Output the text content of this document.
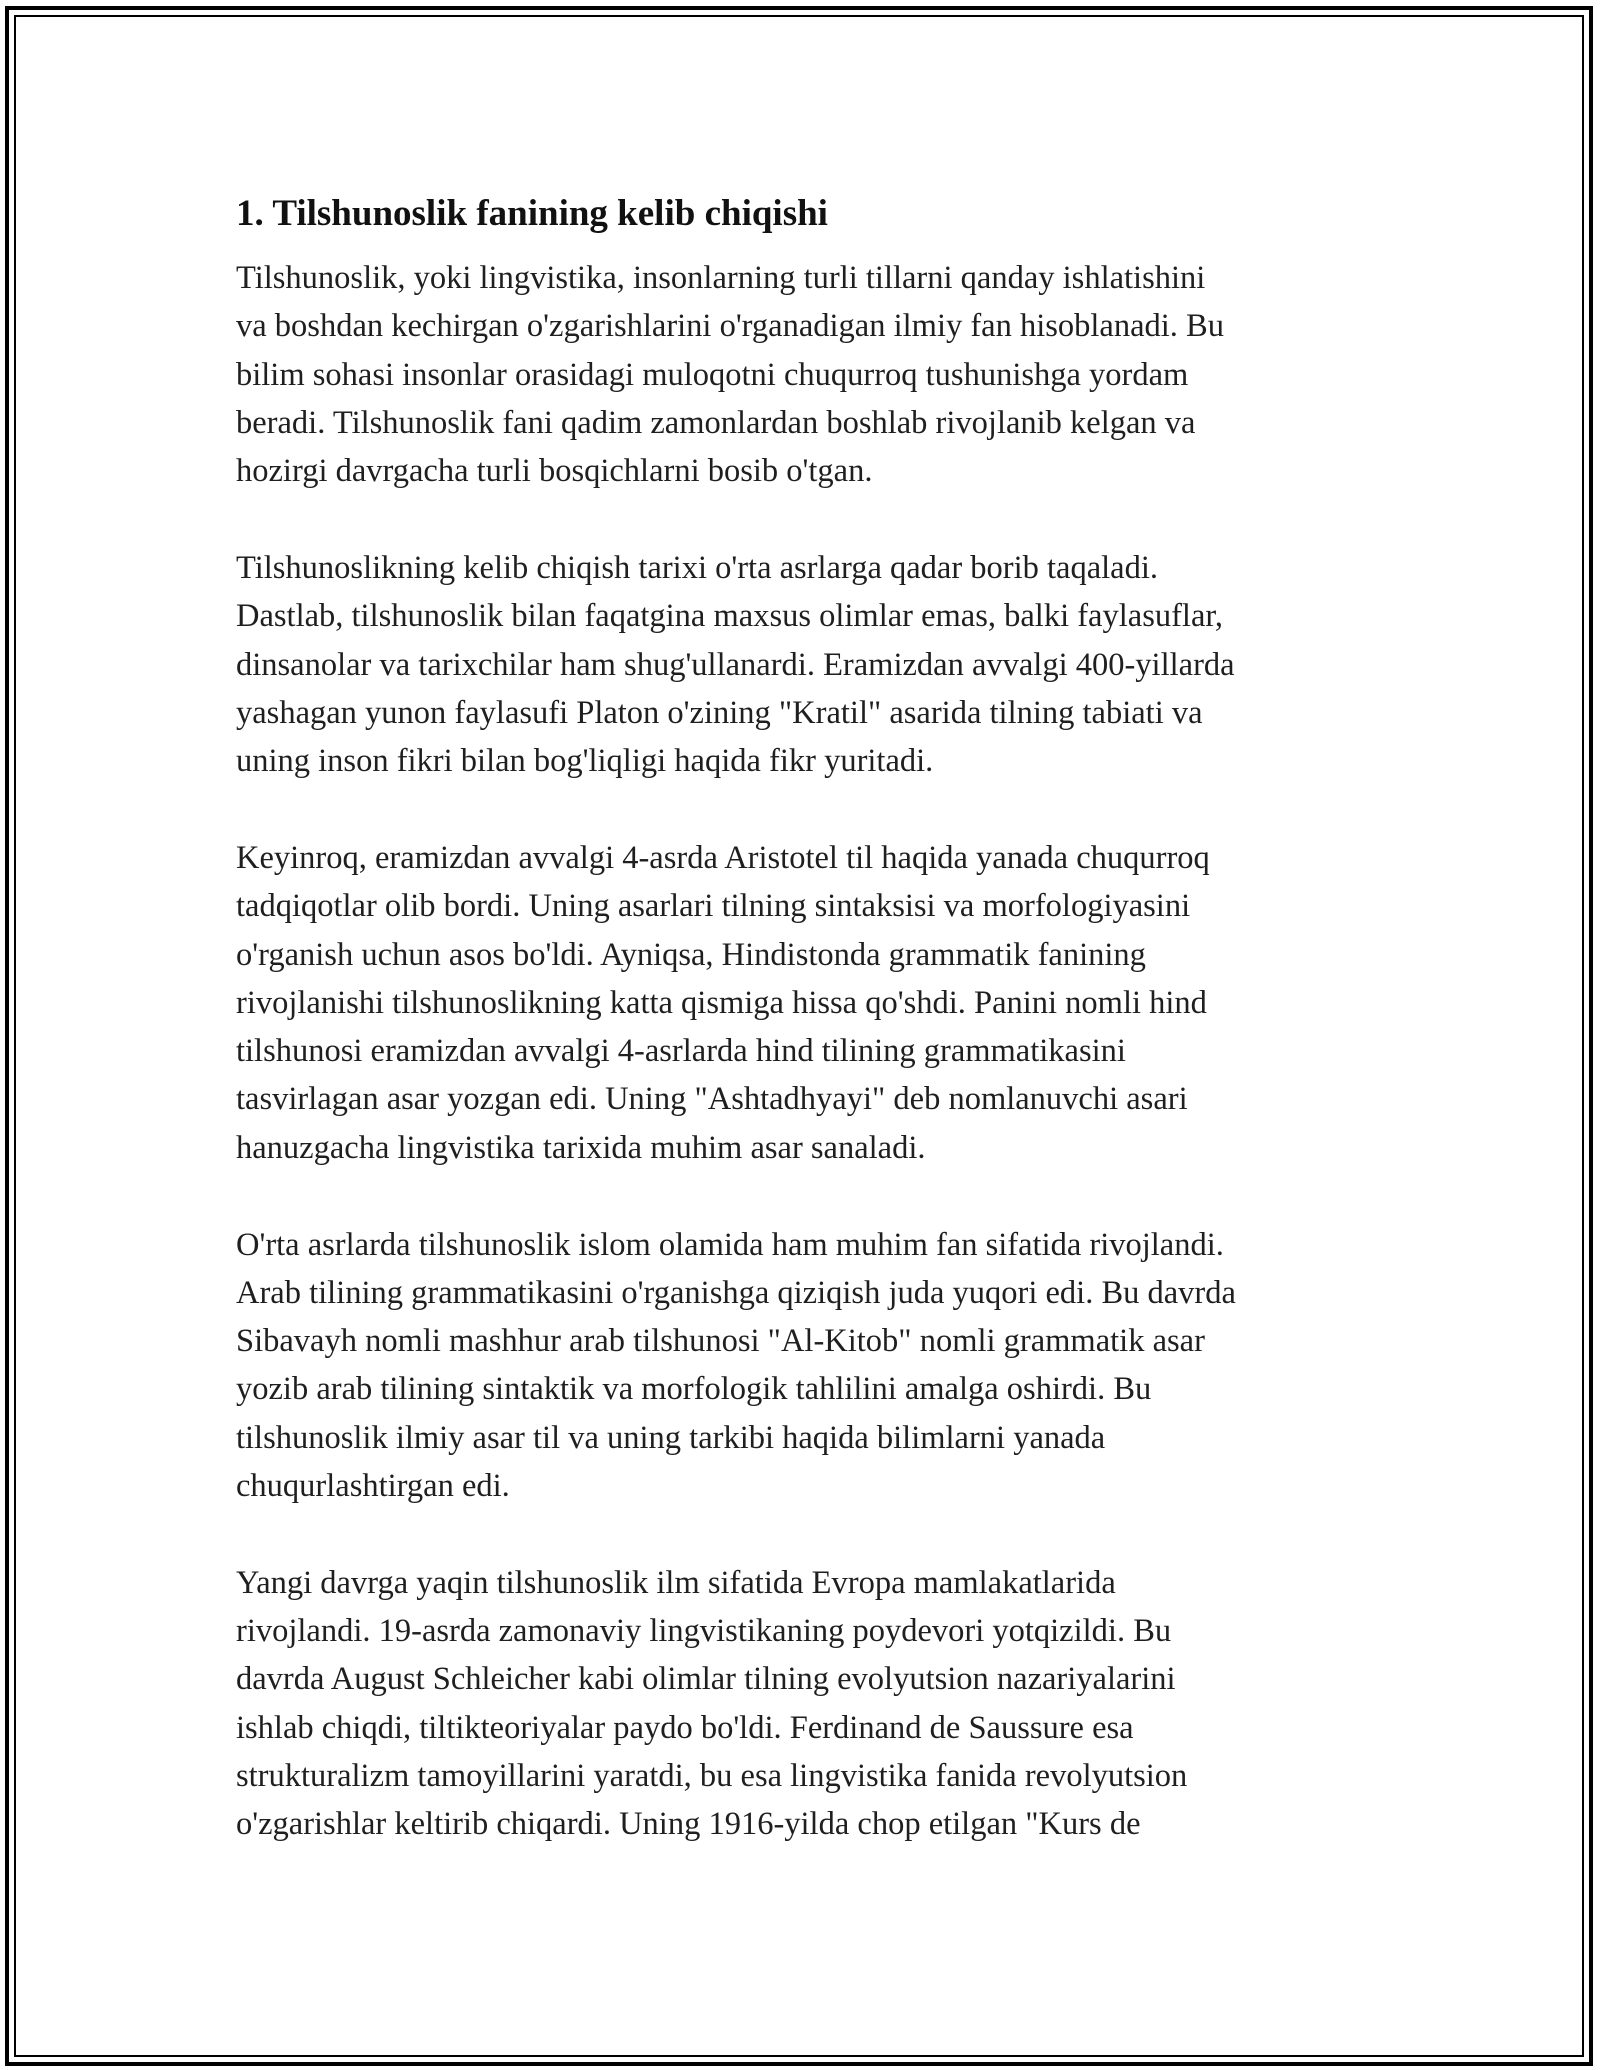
1. Tilshunoslik fanining kelib chiqishi

Tilshunoslik, yoki lingvistika, insonlarning turli tillarni qanday ishlatishini
va boshdan kechirgan o'zgarishlarini o'rganadigan ilmiy fan hisoblanadi. Bu
bilim sohasi insonlar orasidagi muloqotni chuqurroq tushunishga yordam
beradi. Tilshunoslik fani qadim zamonlardan boshlab rivojlanib kelgan va
hozirgi davrgacha turli bosqichlarni bosib o'tgan.

Tilshunoslikning kelib chiqish tarixi o'rta asrlarga qadar borib taqaladi.
Dastlab, tilshunoslik bilan faqatgina maxsus olimlar emas, balki faylasuflar,
dinsanolar va tarixchilar ham shug'ullanardi. Eramizdan avvalgi 400-yillarda
yashagan yunon faylasufi Platon o'zining "Kratil" asarida tilning tabiati va
uning inson fikri bilan bog'liqligi haqida fikr yuritadi.

Keyinroq, eramizdan avvalgi 4-asrda Aristotel til haqida yanada chuqurroq
tadqiqotlar olib bordi. Uning asarlari tilning sintaksisi va morfologiyasini
o'rganish uchun asos bo'ldi. Ayniqsa, Hindistonda grammatik fanining
rivojlanishi tilshunoslikning katta qismiga hissa qo'shdi. Panini nomli hind
tilshunosi eramizdan avvalgi 4-asrlarda hind tilining grammatikasini
tasvirlagan asar yozgan edi. Uning "Ashtadhyayi" deb nomlanuvchi asari
hanuzgacha lingvistika tarixida muhim asar sanaladi.

O'rta asrlarda tilshunoslik islom olamida ham muhim fan sifatida rivojlandi.
Arab tilining grammatikasini o'rganishga qiziqish juda yuqori edi. Bu davrda
Sibavayh nomli mashhur arab tilshunosi "Al-Kitob" nomli grammatik asar
yozib arab tilining sintaktik va morfologik tahlilini amalga oshirdi. Bu
tilshunoslik ilmiy asar til va uning tarkibi haqida bilimlarni yanada
chuqurlashtirgan edi.

Yangi davrga yaqin tilshunoslik ilm sifatida Evropa mamlakatlarida
rivojlandi. 19-asrda zamonaviy lingvistikaning poydevori yotqizildi. Bu
davrda August Schleicher kabi olimlar tilning evolyutsion nazariyalarini
ishlab chiqdi, tiltikteoriyalar paydo bo'ldi. Ferdinand de Saussure esa
strukturalizm tamoyillarini yaratdi, bu esa lingvistika fanida revolyutsion
o'zgarishlar keltirib chiqardi. Uning 1916-yilda chop etilgan "Kurs de
